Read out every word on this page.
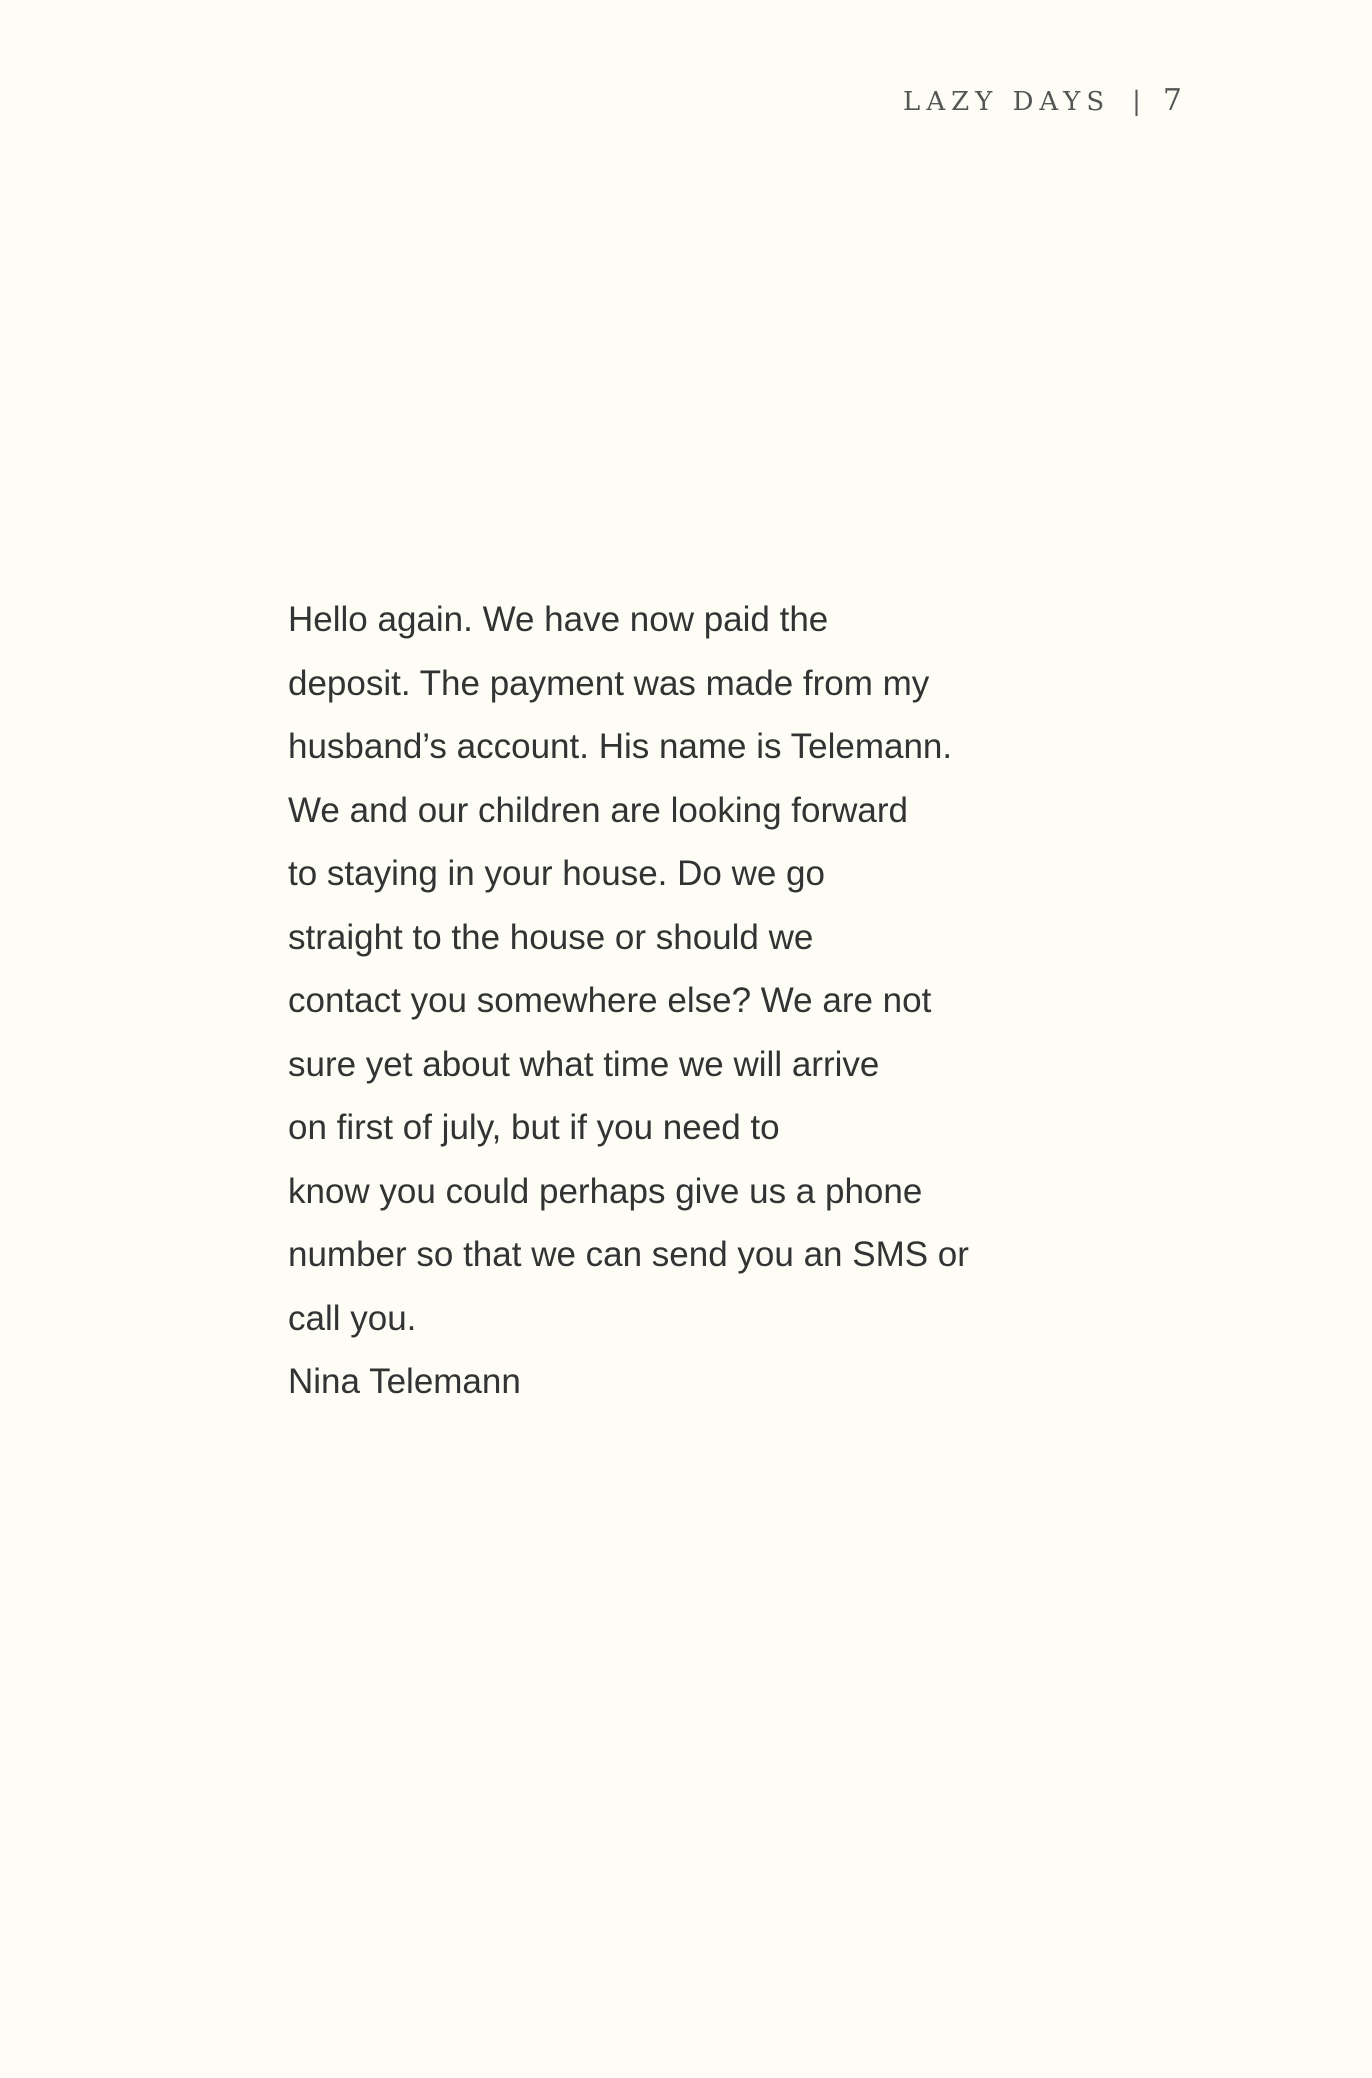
LAZY DAYS | 7
Hello again. We have now paid the
deposit. The payment was made from my
husband’s account. His name is Telemann.
We and our children are looking forward
to staying in your house. Do we go
straight to the house or should we
contact you somewhere else? We are not
sure yet about what time we will arrive
on first of july, but if you need to
know you could perhaps give us a phone
number so that we can send you an SMS or
call you.
Nina Telemann
